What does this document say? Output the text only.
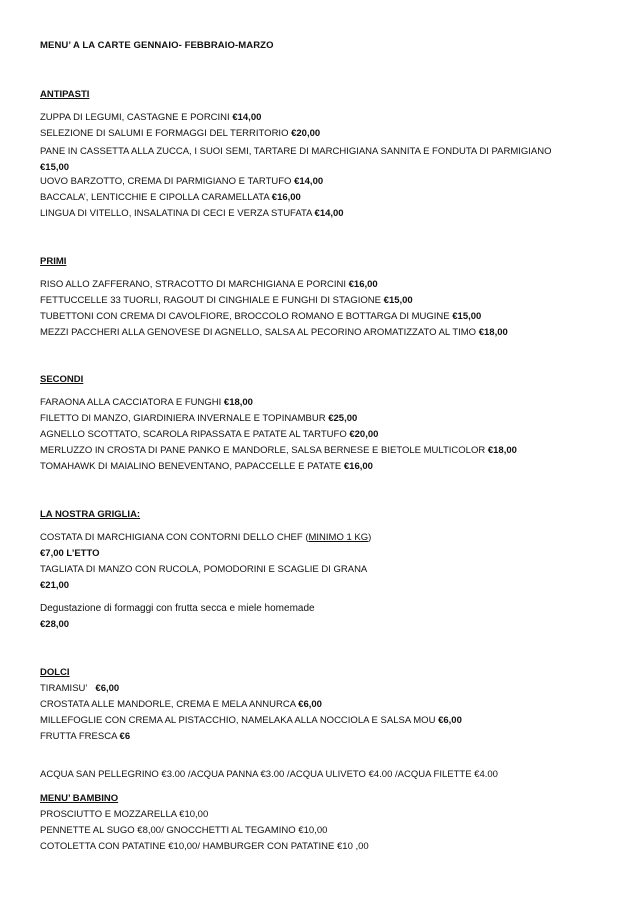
MENU’ A LA CARTE GENNAIO- FEBBRAIO-MARZO
ANTIPASTI
ZUPPA DI LEGUMI, CASTAGNE E PORCINI €14,00
SELEZIONE DI SALUMI E FORMAGGI DEL TERRITORIO €20,00
PANE IN CASSETTA ALLA ZUCCA, I SUOI SEMI, TARTARE DI MARCHIGIANA SANNITA E FONDUTA DI PARMIGIANO
€15,00
UOVO BARZOTTO, CREMA DI PARMIGIANO E TARTUFO €14,00
BACCALA’, LENTICCHIE E CIPOLLA CARAMELLATA €16,00
LINGUA DI VITELLO, INSALATINA DI CECI E VERZA STUFATA €14,00
PRIMI
RISO ALLO ZAFFERANO, STRACOTTO DI MARCHIGIANA E PORCINI €16,00
FETTUCCELLE 33 TUORLI, RAGOUT DI CINGHIALE E FUNGHI DI STAGIONE €15,00
TUBETTONI CON CREMA DI CAVOLFIORE, BROCCOLO ROMANO E BOTTARGA DI MUGINE €15,00
MEZZI PACCHERI ALLA GENOVESE DI AGNELLO, SALSA AL PECORINO AROMATIZZATO AL TIMO €18,00
SECONDI
FARAONA ALLA CACCIATORA E FUNGHI €18,00
FILETTO DI MANZO, GIARDINIERA INVERNALE E TOPINAMBUR €25,00
AGNELLO SCOTTATO, SCAROLA RIPASSATA E PATATE AL TARTUFO €20,00
MERLUZZO IN CROSTA DI PANE PANKO E MANDORLE, SALSA BERNESE E BIETOLE MULTICOLOR €18,00
TOMAHAWK DI MAIALINO BENEVENTANO, PAPACCELLE E PATATE €16,00
LA NOSTRA GRIGLIA:
COSTATA DI MARCHIGIANA CON CONTORNI DELLO CHEF (MINIMO 1 KG)
€7,00 L’ETTO
TAGLIATA DI MANZO CON RUCOLA, POMODORINI E SCAGLIE DI GRANA
€21,00
Degustazione di formaggi con frutta secca e miele homemade
€28,00
DOLCI
TIRAMISU’ €6,00
CROSTATA ALLE MANDORLE, CREMA E MELA ANNURCA €6,00
MILLEFOGLIE CON CREMA AL PISTACCHIO, NAMELAKA ALLA NOCCIOLA E SALSA MOU €6,00
FRUTTA FRESCA €6
ACQUA SAN PELLEGRINO €3.00 /ACQUA PANNA €3.00 /ACQUA ULIVETO €4.00 /ACQUA FILETTE €4.00
MENU’ BAMBINO
PROSCIUTTO E MOZZARELLA €10,00
PENNETTE AL SUGO €8,00/ GNOCCHETTI AL TEGAMINO €10,00
COTOLETTA CON PATATINE €10,00/ HAMBURGER CON PATATINE €10 ,00
